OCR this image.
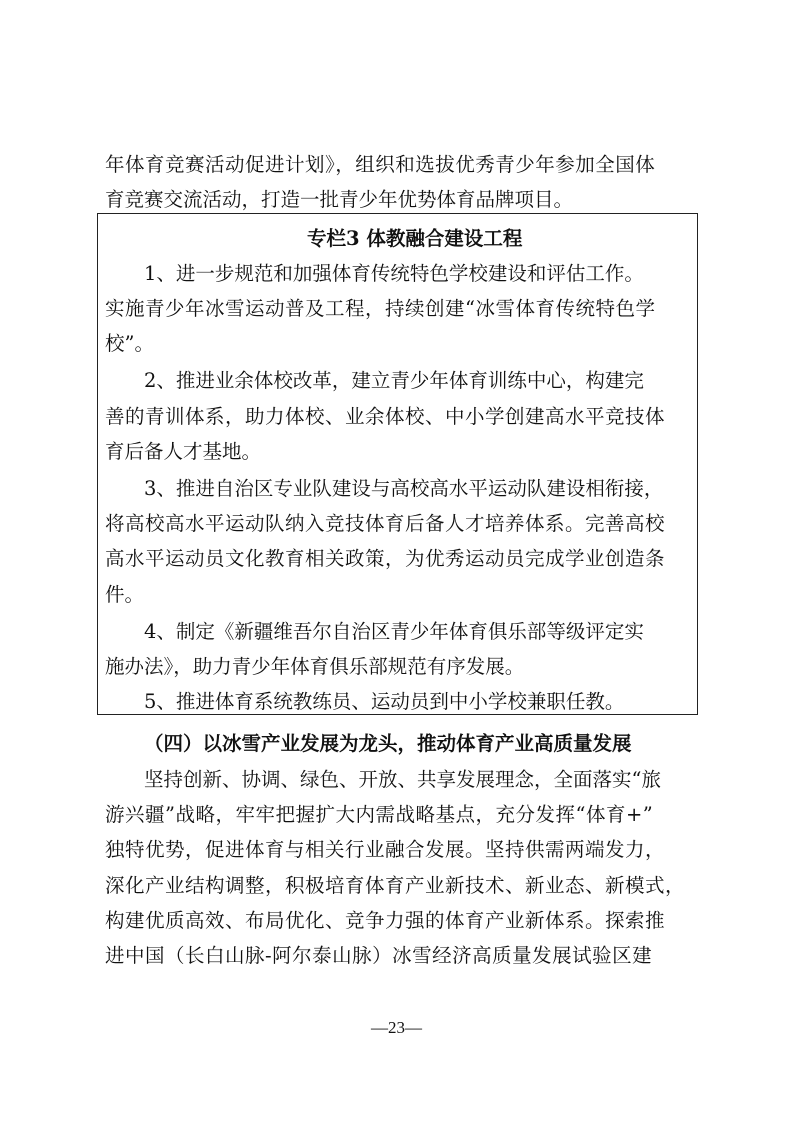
年体育竞赛活动促进计划》，组织和选拔优秀青少年参加全国体
育竞赛交流活动，打造一批青少年优势体育品牌项目。
专栏3 体教融合建设工程
1、进一步规范和加强体育传统特色学校建设和评估工作。
实施青少年冰雪运动普及工程，持续创建“冰雪体育传统特色学
校”。
2、推进业余体校改革，建立青少年体育训练中心，构建完
善的青训体系，助力体校、业余体校、中小学创建高水平竞技体
育后备人才基地。
3、推进自治区专业队建设与高校高水平运动队建设相衔接，
将高校高水平运动队纳入竞技体育后备人才培养体系。完善高校
高水平运动员文化教育相关政策，为优秀运动员完成学业创造条
件。
4、制定《新疆维吾尔自治区青少年体育俱乐部等级评定实
施办法》，助力青少年体育俱乐部规范有序发展。
5、推进体育系统教练员、运动员到中小学校兼职任教。
（四）以冰雪产业发展为龙头，推动体育产业高质量发展
坚持创新、协调、绿色、开放、共享发展理念，全面落实“旅
游兴疆”战略，牢牢把握扩大内需战略基点，充分发挥“体育+”
独特优势，促进体育与相关行业融合发展。坚持供需两端发力，
深化产业结构调整，积极培育体育产业新技术、新业态、新模式，
构建优质高效、布局优化、竞争力强的体育产业新体系。探索推
进中国（长白山脉-阿尔泰山脉）冰雪经济高质量发展试验区建
—23—
